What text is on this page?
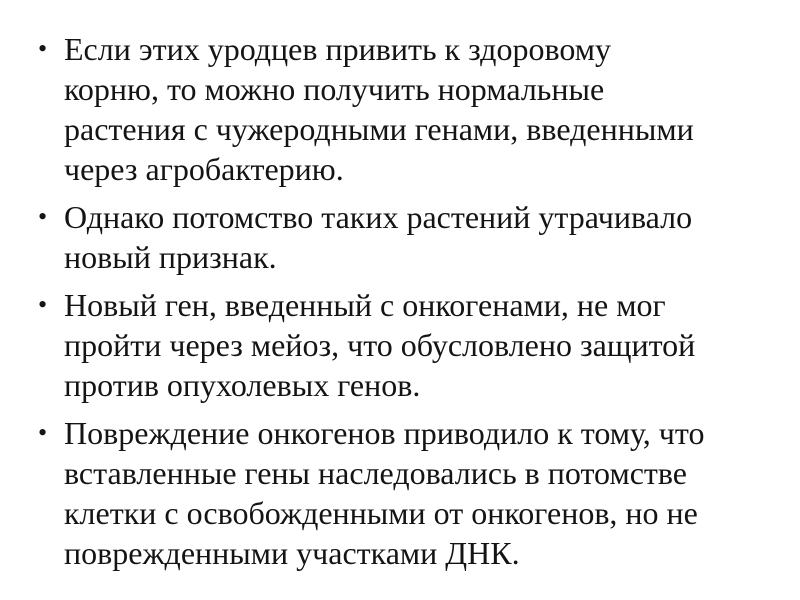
• Если этих уродцев привить к здоровому
корню, то можно получить нормальные
растения с чужеродными генами, введенными
через агробактерию.
• Однако потомство таких растений утрачивало
новый признак.
• Новый ген, введенный с онкогенами, не мог
пройти через мейоз, что обусловлено защитой
против опухолевых генов.
• Повреждение онкогенов приводило к тому, что
вставленные гены наследовались в потомстве
клетки с освобожденными от онкогенов, но не
поврежденными участками ДНК.
